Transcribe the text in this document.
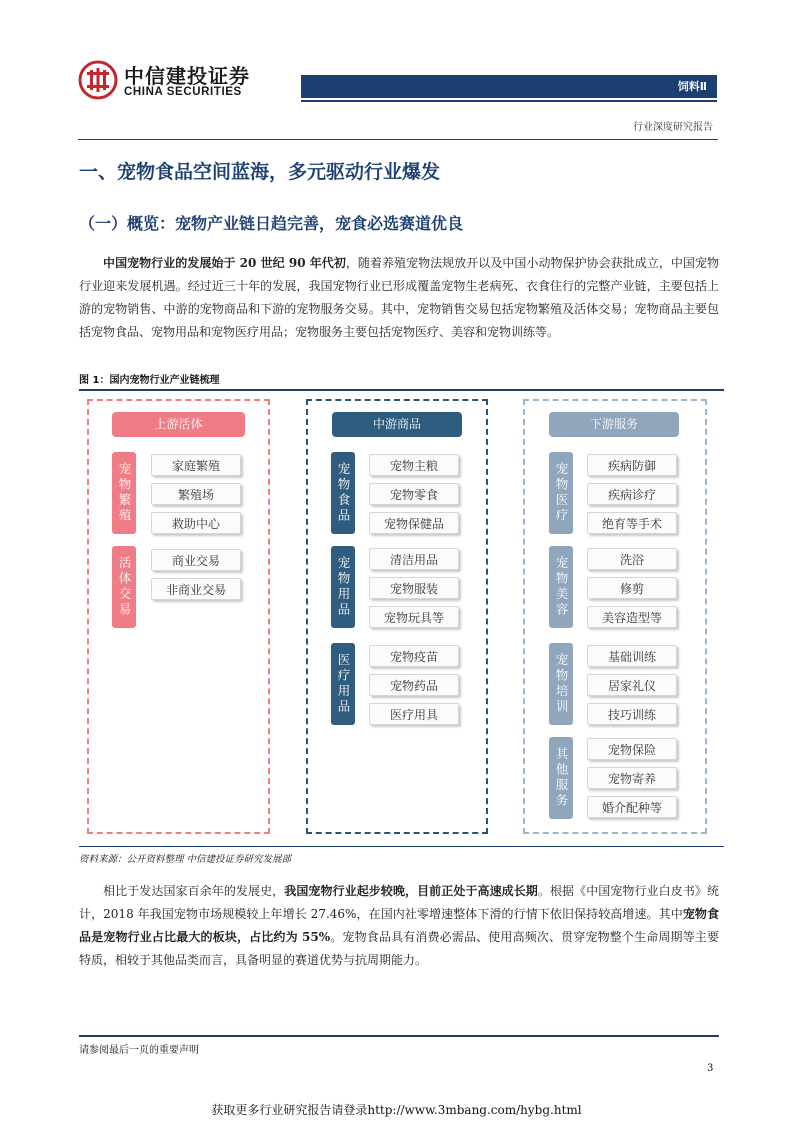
中信建投证券
CHINA SECURITIES	饲料Ⅱ
行业深度研究报告
一、宠物食品空间蓝海，多元驱动行业爆发
（一）概览：宠物产业链日趋完善，宠食必选赛道优良
中国宠物行业的发展始于 20 世纪 90 年代初，随着养殖宠物法规放开以及中国小动物保护协会获批成立，中国宠物行业迎来发展机遇。经过近三十年的发展，我国宠物行业已形成覆盖宠物生老病死、衣食住行的完整产业链，主要包括上游的宠物销售、中游的宠物商品和下游的宠物服务交易。其中，宠物销售交易包括宠物繁殖及活体交易；宠物商品主要包括宠物食品、宠物用品和宠物医疗用品；宠物服务主要包括宠物医疗、美容和宠物训练等。
图 1：国内宠物行业产业链梳理
上游活体	中游商品	下游服务
宠物繁殖	家庭繁殖
繁殖场
救助中心
活体交易	商业交易
非商业交易
宠物食品	宠物主粮
宠物零食
宠物保健品
宠物用品	清洁用品
宠物服装
宠物玩具等
医疗用品	宠物疫苗
宠物药品
医疗用具
宠物医疗	疾病防御
疾病诊疗
绝育等手术
宠物美容	洗浴
修剪
美容造型等
宠物培训	基础训练
居家礼仪
技巧训练
其他服务	宠物保险
宠物寄养
婚介配种等
资料来源：公开资料整理 中信建投证券研究发展部
相比于发达国家百余年的发展史，我国宠物行业起步较晚，目前正处于高速成长期。根据《中国宠物行业白皮书》统计，2018 年我国宠物市场规模较上年增长 27.46%，在国内社零增速整体下滑的行情下依旧保持较高增速。其中宠物食品是宠物行业占比最大的板块，占比约为 55%。宠物食品具有消费必需品、使用高频次、贯穿宠物整个生命周期等主要特质，相较于其他品类而言，具备明显的赛道优势与抗周期能力。
请参阅最后一页的重要声明
3
获取更多行业研究报告请登录http://www.3mbang.com/hybg.html
